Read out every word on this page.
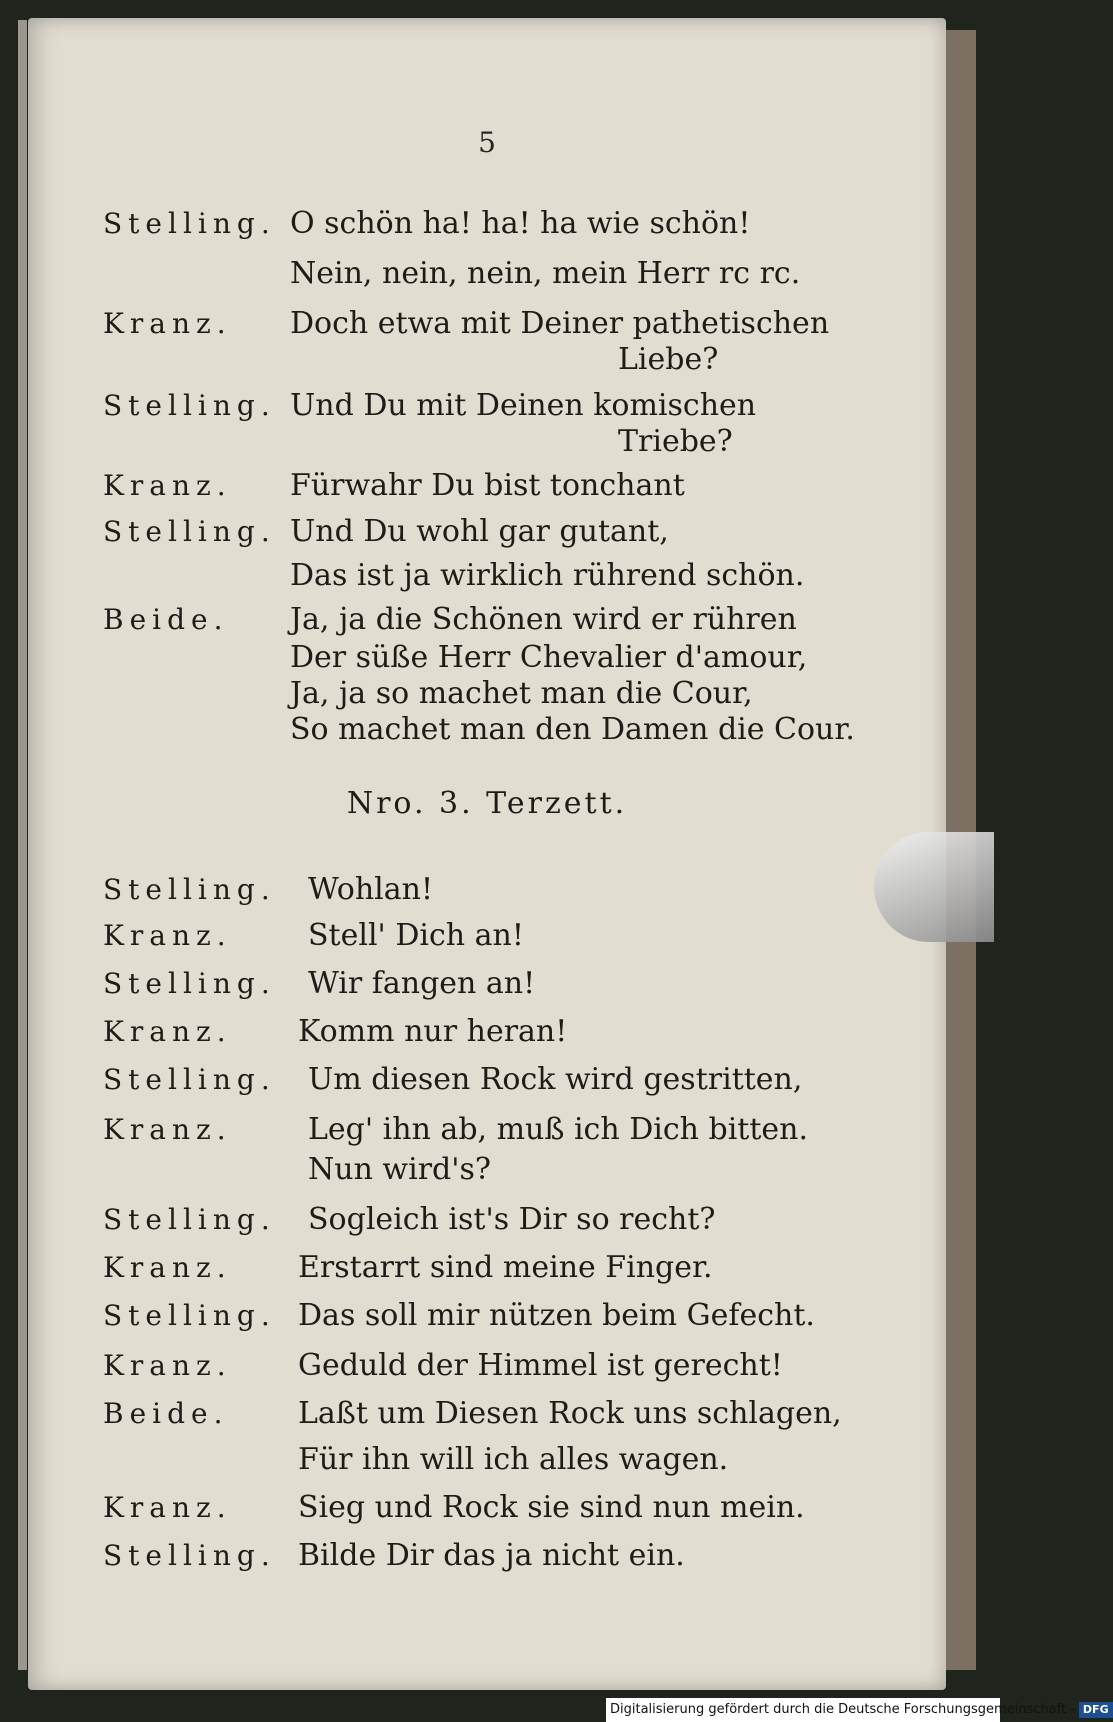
5
Stelling. O schön ha! ha! ha wie schön!
Nein, nein, nein, mein Herr rc rc.
Kranz. Doch etwa mit Deiner pathetischen
Liebe?
Stelling. Und Du mit Deinen komischen
Triebe?
Kranz. Fürwahr Du bist tonchant
Stelling. Und Du wohl gar gutant,
Das ist ja wirklich rührend schön.
Beide. Ja, ja die Schönen wird er rühren
Der süße Herr Chevalier d'amour,
Ja, ja so machet man die Cour,
So machet man den Damen die Cour.
Nro. 3. Terzett.
Stelling. Wohlan!
Kranz.	Stell' Dich an!
Stelling. Wir fangen an!
Kranz. Komm nur heran!
Stelling. Um diesen Rock wird gestritten,
Kranz.	Leg' ihn ab, muß ich Dich bitten.
Nun wird's?
Stelling. Sogleich ist's Dir so recht?
Kranz. Erstarrt sind meine Finger.
Stelling. Das soll mir nützen beim Gefecht.
Kranz. Geduld der Himmel ist gerecht!
Beide. Laßt um Diesen Rock uns schlagen,
Für ihn will ich alles wagen.
Kranz. Sieg und Rock sie sind nun mein.
Stelling. Bilde Dir das ja nicht ein.
Digitalisierung gefördert durch die Deutsche Forschungsgemeinschaft - DFG
